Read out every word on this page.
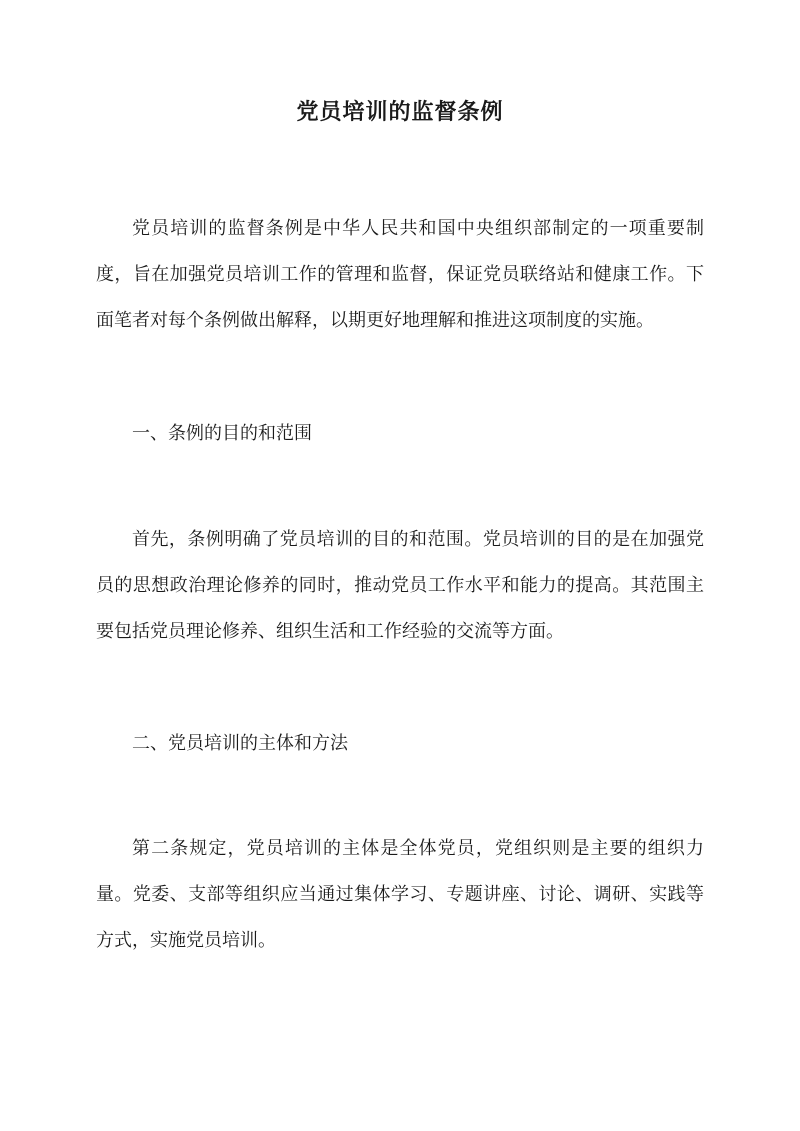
党员培训的监督条例

党员培训的监督条例是中华人民共和国中央组织部制定的一项重要制度，旨在加强党员培训工作的管理和监督，保证党员联络站和健康工作。下面笔者对每个条例做出解释，以期更好地理解和推进这项制度的实施。

一、条例的目的和范围

首先，条例明确了党员培训的目的和范围。党员培训的目的是在加强党员的思想政治理论修养的同时，推动党员工作水平和能力的提高。其范围主要包括党员理论修养、组织生活和工作经验的交流等方面。

二、党员培训的主体和方法

第二条规定，党员培训的主体是全体党员，党组织则是主要的组织力量。党委、支部等组织应当通过集体学习、专题讲座、讨论、调研、实践等方式，实施党员培训。
